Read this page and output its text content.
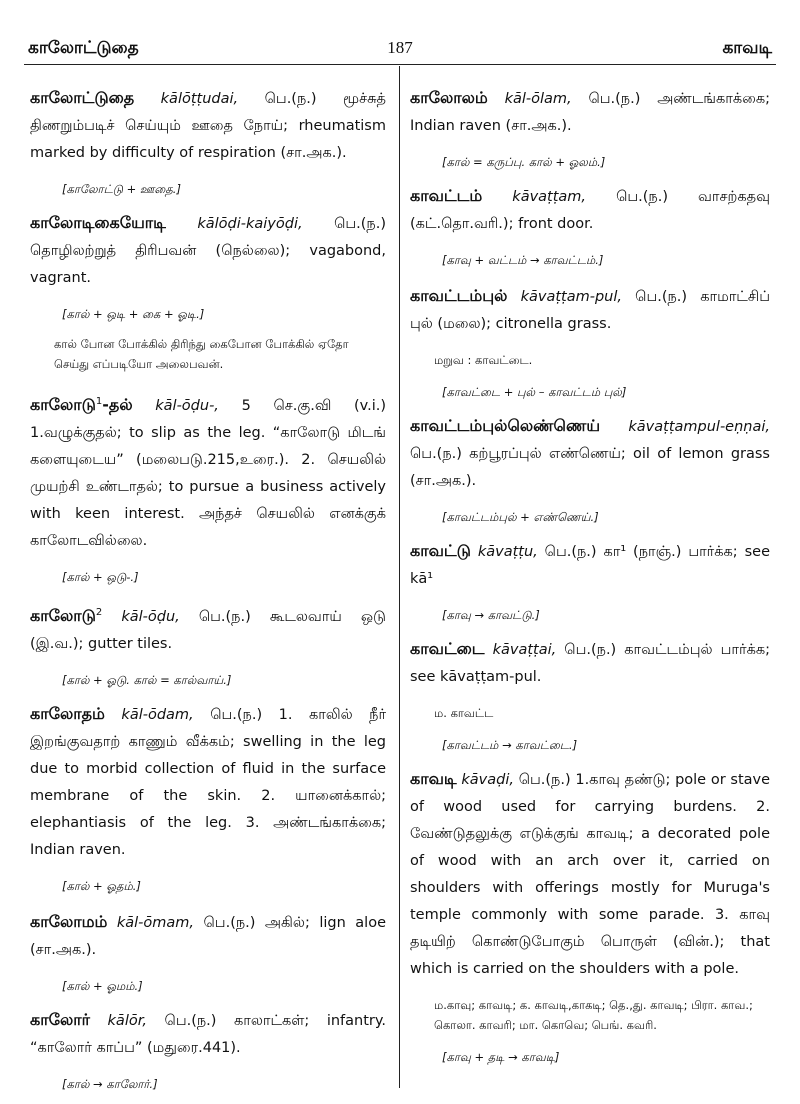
காலோட்டுதை	187	காவடி

காலோட்டுதை kālōṭṭudai, பெ.(ந.) மூச்சுத் திணறும்படிச் செய்யும் ஊதை நோய்; rheumatism marked by difficulty of respiration (சா.அக.).

[காலோட்டு + ஊதை.]

காலோடிகையோடி kālōḍi-kaiyōḍi, பெ.(ந.) தொழிலற்றுத் திரிபவன் (நெல்லை); vagabond, vagrant.

[கால் + ஒடி + கை + ஓடி.]
கால் போன போக்கில் திரிந்து கைபோன போக்கில் ஏதோ செய்து எப்படியோ அலைபவன்.

காலோடு$^1$-தல் kāl-ōḍu-, 5 செ.கு.வி (v.i.) 1.வழுக்குதல்; to slip as the leg. “காலோடு மிடங் களையுடைய” (மலைபடு.215,உரை.). 2. செயலில் முயற்சி உண்டாதல்; to pursue a business actively with keen interest. அந்தச் செயலில் எனக்குக் காலோடவில்லை.

[கால் + ஒடு-.]

காலோடு$^2$ kāl-ōḍu, பெ.(ந.) கூடலவாய் ஒடு (இ.வ.); gutter tiles.

[கால் + ஓடு. கால் = கால்வாய்.]

காலோதம் kāl-ōdam, பெ.(ந.) 1. காலில் நீர் இறங்குவதாற் காணும் வீக்கம்; swelling in the leg due to morbid collection of fluid in the surface membrane of the skin. 2. யானைக்கால்; elephantiasis of the leg. 3. அண்டங்காக்கை; Indian raven.

[கால் + ஓதம்.]

காலோமம் kāl-ōmam, பெ.(ந.) அகில்; lign aloe (சா.அக.).

[கால் + ஓமம்.]

காலோர் kālōr, பெ.(ந.) காலாட்கள்; infantry. “காலோர் காப்ப” (மதுரை.441).

[கால் → காலோர்.]

காலோலம் kāl-ōlam, பெ.(ந.) அண்டங்காக்கை; Indian raven (சா.அக.).

[கால் = கருப்பு. கால் + ஓலம்.]

காவட்டம் kāvaṭṭam, பெ.(ந.) வாசற்கதவு (கட்.தொ.வரி.); front door.

[காவு + வட்டம் → காவட்டம்.]

காவட்டம்புல் kāvaṭṭam-pul, பெ.(ந.) காமாட்சிப் புல் (மலை); citronella grass.

மறுவ : காவட்டை.
[காவட்டை + புல் – காவட்டம் புல்]

காவட்டம்புல்லெண்ணெய் kāvaṭṭampul-eṇṇai, பெ.(ந.) கற்பூரப்புல் எண்ணெய்; oil of lemon grass (சா.அக.).

[காவட்டம்புல் + எண்ணெய்.]

காவட்டு kāvaṭṭu, பெ.(ந.) கா¹ (நாஞ்.) பார்க்க; see kā¹

[காவு → காவட்டு.]

காவட்டை kāvaṭṭai, பெ.(ந.) காவட்டம்புல் பார்க்க; see kāvaṭṭam-pul.

ம. காவட்ட
[காவட்டம் → காவட்டை.]

காவடி kāvaḍi, பெ.(ந.) 1.காவு தண்டு; pole or stave of wood used for carrying burdens. 2. வேண்டுதலுக்கு எடுக்குங் காவடி; a decorated pole of wood with an arch over it, carried on shoulders with offerings mostly for Muruga's temple commonly with some parade. 3. காவு தடியிற் கொண்டுபோகும் பொருள் (வின்.); that which is carried on the shoulders with a pole.

ம.காவு; காவடி; க. காவடி,காகடி; தெ.,து. காவடி; பிரா. காவ.; கொலா. காவரி; மா. கொவெ; பெங். கவரி.
[காவு + தடி → காவடி]
